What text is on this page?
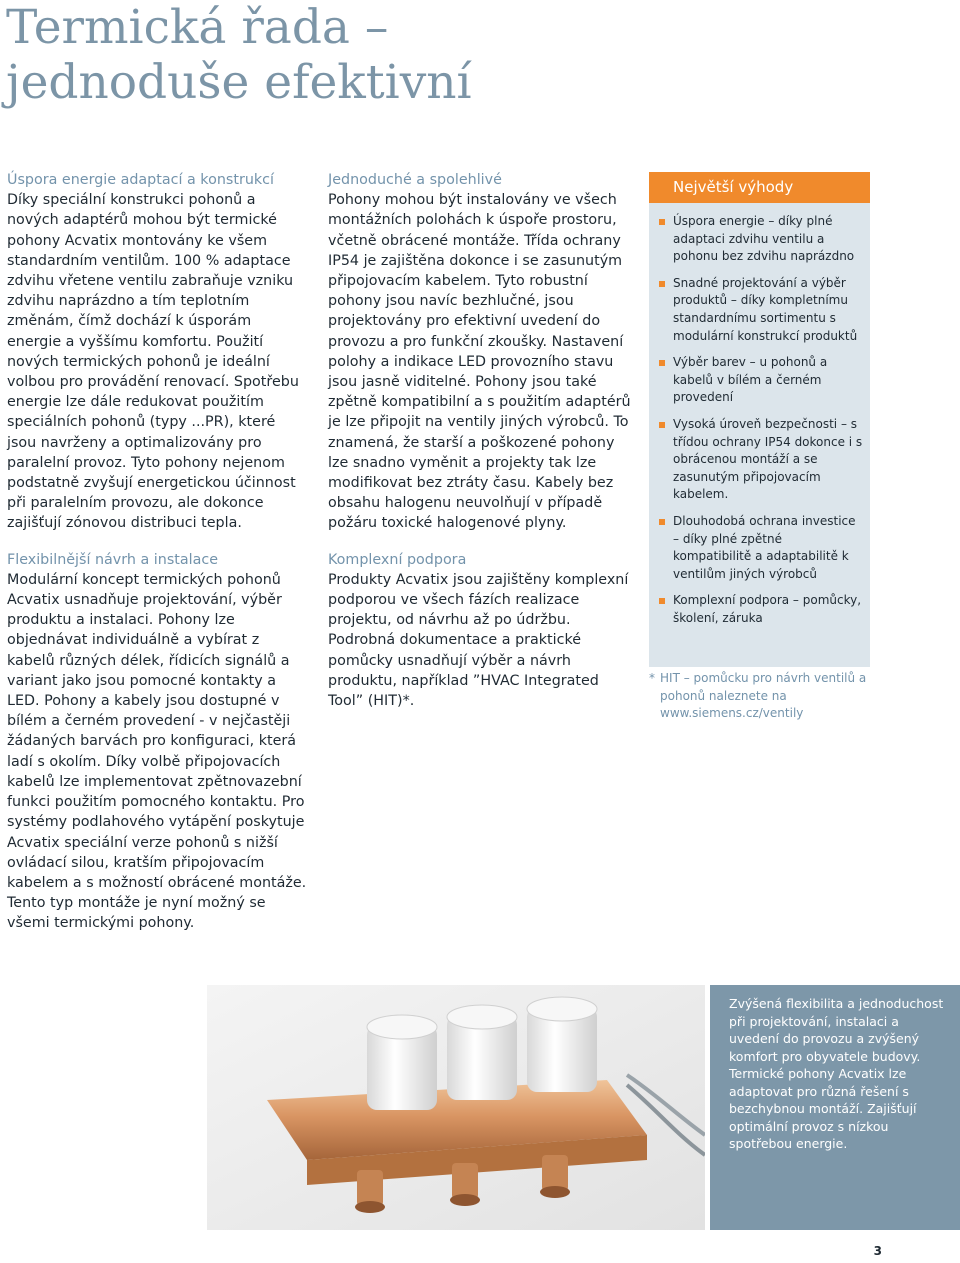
Termická řada –
jednoduše efektivní

Úspora energie adaptací a konstrukcí

Díky speciální konstrukci pohonů a nových adaptérů mohou být termické pohony Acvatix montovány ke všem standardním ventilům. 100 % adaptace zdvihu vřetene ventilu zabraňuje vzniku zdvihu naprázdno a tím teplotním změnám, čímž dochází k úsporám energie a vyššímu komfortu. Použití nových termických pohonů je ideální volbou pro provádění renovací. Spotřebu energie lze dále redukovat použitím speciálních pohonů (typy ...PR), které jsou navrženy a optimalizovány pro paralelní provoz. Tyto pohony nejenom podstatně zvyšují energetickou účinnost při paralelním provozu, ale dokonce zajišťují zónovou distribuci tepla.

Flexibilnější návrh a instalace

Modulární koncept termických pohonů Acvatix usnadňuje projektování, výběr produktu a instalaci. Pohony lze objednávat individuálně a vybírat z kabelů různých délek, řídicích signálů a variant jako jsou pomocné kontakty a LED. Pohony a kabely jsou dostupné v bílém a černém provedení - v nejčastěji žádaných barvách pro konfiguraci, která ladí s okolím. Díky volbě připojovacích kabelů lze implementovat zpětnovazební funkci použitím pomocného kontaktu. Pro systémy podlahového vytápění poskytuje Acvatix speciální verze pohonů s nižší ovládací silou, kratším připojovacím kabelem a s možností obrácené montáže. Tento typ montáže je nyní možný se všemi termickými pohony.

Jednoduché a spolehlivé

Pohony mohou být instalovány ve všech montážních polohách k úspoře prostoru, včetně obrácené montáže. Třída ochrany IP54 je zajištěna dokonce i se zasunutým připojovacím kabelem. Tyto robustní pohony jsou navíc bezhlučné, jsou projektovány pro efektivní uvedení do provozu a pro funkční zkoušky. Nastavení polohy a indikace LED provozního stavu jsou jasně viditelné. Pohony jsou také zpětně kompatibilní a s použitím adaptérů je lze připojit na ventily jiných výrobců. To znamená, že starší a poškozené pohony lze snadno vyměnit a projekty tak lze modifikovat bez ztráty času. Kabely bez obsahu halogenu neuvolňují v případě požáru toxické halogenové plyny.

Komplexní podpora

Produkty Acvatix jsou zajištěny komplexní podporou ve všech fázích realizace projektu, od návrhu až po údržbu. Podrobná dokumentace a praktické pomůcky usnadňují výběr a návrh produktu, například ”HVAC Integrated Tool” (HIT)*.

Největší výhody
Úspora energie – díky plné adaptaci zdvihu ventilu a pohonu bez zdvihu naprázdno
Snadné projektování a výběr produktů – díky kompletnímu standardnímu sortimentu s modulární konstrukcí produktů
Výběr barev – u pohonů a kabelů v bílém a černém provedení
Vysoká úroveň bezpečnosti – s třídou ochrany IP54 dokonce i s obrácenou montáží a se zasunutým připojovacím kabelem.
Dlouhodobá ochrana investice – díky plné zpětné kompatibilitě a adaptabilitě k ventilům jiných výrobců
Komplexní podpora – pomůcky, školení, záruka
* HIT – pomůcku pro návrh ventilů a pohonů naleznete na www.siemens.cz/ventily

Zvýšená flexibilita a jednoduchost při projektování, instalaci a uvedení do provozu a zvýšený komfort pro obyvatele budovy. Termické pohony Acvatix lze adaptovat pro různá řešení s bezchybnou montáží. Zajišťují optimální provoz s nízkou spotřebou energie.

3
